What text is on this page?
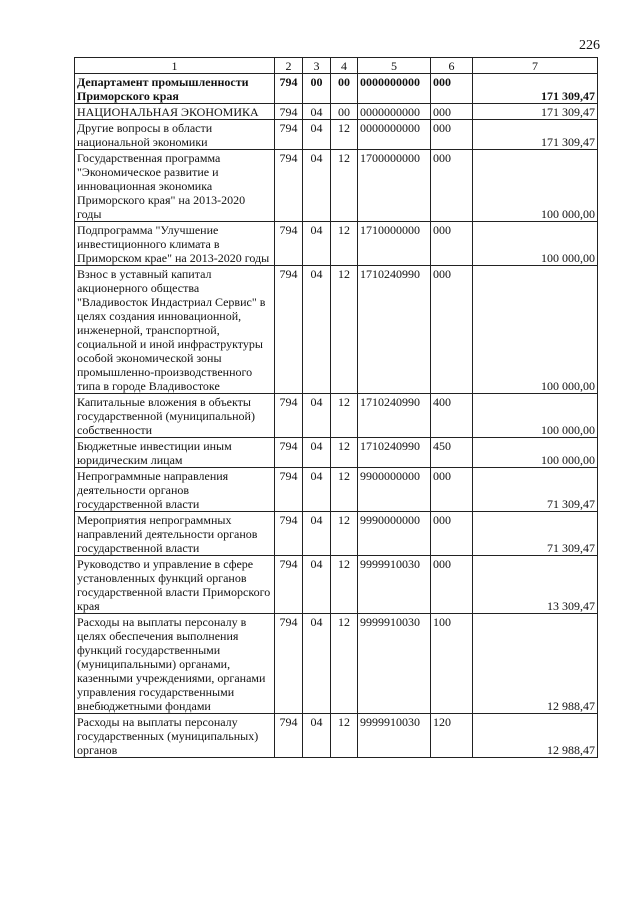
226
1	2	3	4	5	6	7
Департамент промышленности Приморского края	794	00	00	0000000000	000	171 309,47
НАЦИОНАЛЬНАЯ ЭКОНОМИКА	794	04	00	0000000000	000	171 309,47
Другие вопросы в области национальной экономики	794	04	12	0000000000	000	171 309,47
Государственная программа "Экономическое развитие и инновационная экономика Приморского края" на 2013-2020 годы	794	04	12	1700000000	000	100 000,00
Подпрограмма "Улучшение инвестиционного климата в Приморском крае" на 2013-2020 годы	794	04	12	1710000000	000	100 000,00
Взнос в уставный капитал акционерного общества "Владивосток Индастриал Сервис" в целях создания инновационной, инженерной, транспортной, социальной и иной инфраструктуры особой экономической зоны промышленно-производственного типа в городе Владивостоке	794	04	12	1710240990	000	100 000,00
Капитальные вложения в объекты государственной (муниципальной) собственности	794	04	12	1710240990	400	100 000,00
Бюджетные инвестиции иным юридическим лицам	794	04	12	1710240990	450	100 000,00
Непрограммные направления деятельности органов государственной власти	794	04	12	9900000000	000	71 309,47
Мероприятия непрограммных направлений деятельности органов государственной власти	794	04	12	9990000000	000	71 309,47
Руководство и управление в сфере установленных функций органов государственной власти Приморского края	794	04	12	9999910030	000	13 309,47
Расходы на выплаты персоналу в целях обеспечения выполнения функций государственными (муниципальными) органами, казенными учреждениями, органами управления государственными внебюджетными фондами	794	04	12	9999910030	100	12 988,47
Расходы на выплаты персоналу государственных (муниципальных) органов	794	04	12	9999910030	120	12 988,47
